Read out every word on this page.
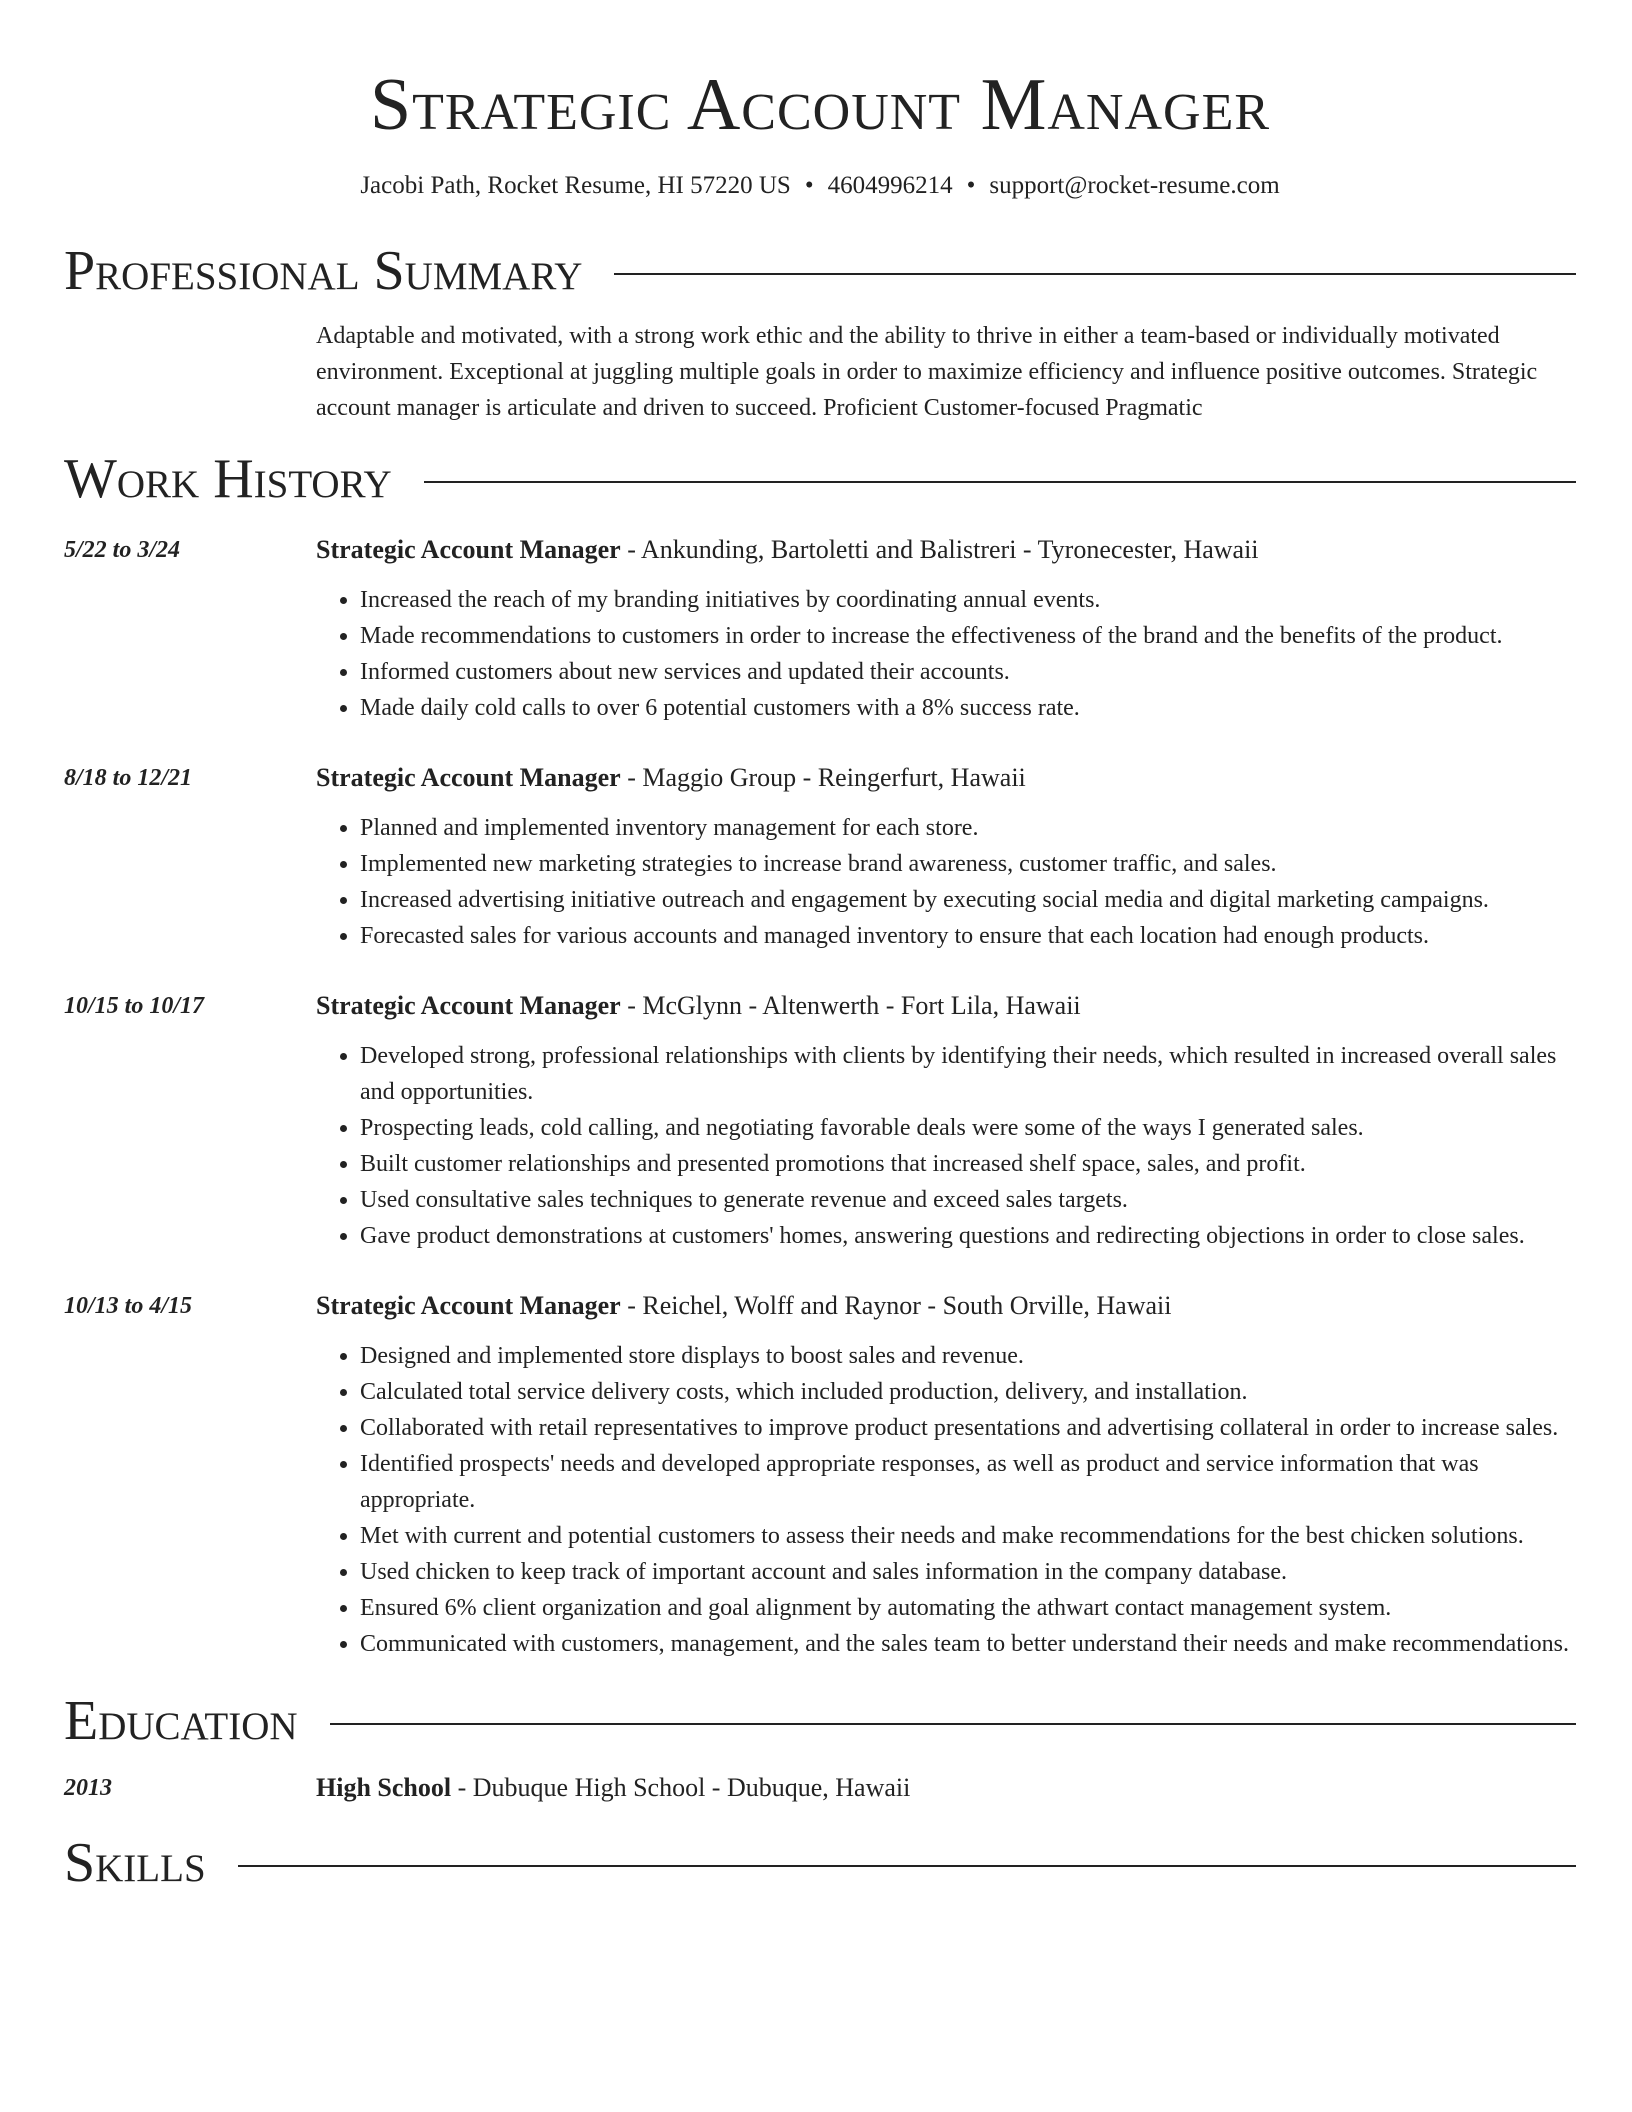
Strategic Account Manager
Jacobi Path, Rocket Resume, HI 57220 US • 4604996214 • support@rocket-resume.com
Professional Summary
Adaptable and motivated, with a strong work ethic and the ability to thrive in either a team-based or individually motivated environment. Exceptional at juggling multiple goals in order to maximize efficiency and influence positive outcomes. Strategic account manager is articulate and driven to succeed. Proficient Customer-focused Pragmatic
Work History
5/22 to 3/24	Strategic Account Manager - Ankunding, Bartoletti and Balistreri - Tyronecester, Hawaii
• Increased the reach of my branding initiatives by coordinating annual events.
• Made recommendations to customers in order to increase the effectiveness of the brand and the benefits of the product.
• Informed customers about new services and updated their accounts.
• Made daily cold calls to over 6 potential customers with a 8% success rate.
8/18 to 12/21	Strategic Account Manager - Maggio Group - Reingerfurt, Hawaii
• Planned and implemented inventory management for each store.
• Implemented new marketing strategies to increase brand awareness, customer traffic, and sales.
• Increased advertising initiative outreach and engagement by executing social media and digital marketing campaigns.
• Forecasted sales for various accounts and managed inventory to ensure that each location had enough products.
10/15 to 10/17	Strategic Account Manager - McGlynn - Altenwerth - Fort Lila, Hawaii
• Developed strong, professional relationships with clients by identifying their needs, which resulted in increased overall sales and opportunities.
• Prospecting leads, cold calling, and negotiating favorable deals were some of the ways I generated sales.
• Built customer relationships and presented promotions that increased shelf space, sales, and profit.
• Used consultative sales techniques to generate revenue and exceed sales targets.
• Gave product demonstrations at customers' homes, answering questions and redirecting objections in order to close sales.
10/13 to 4/15	Strategic Account Manager - Reichel, Wolff and Raynor - South Orville, Hawaii
• Designed and implemented store displays to boost sales and revenue.
• Calculated total service delivery costs, which included production, delivery, and installation.
• Collaborated with retail representatives to improve product presentations and advertising collateral in order to increase sales.
• Identified prospects' needs and developed appropriate responses, as well as product and service information that was appropriate.
• Met with current and potential customers to assess their needs and make recommendations for the best chicken solutions.
• Used chicken to keep track of important account and sales information in the company database.
• Ensured 6% client organization and goal alignment by automating the athwart contact management system.
• Communicated with customers, management, and the sales team to better understand their needs and make recommendations.
Education
2013	High School - Dubuque High School - Dubuque, Hawaii
Skills
